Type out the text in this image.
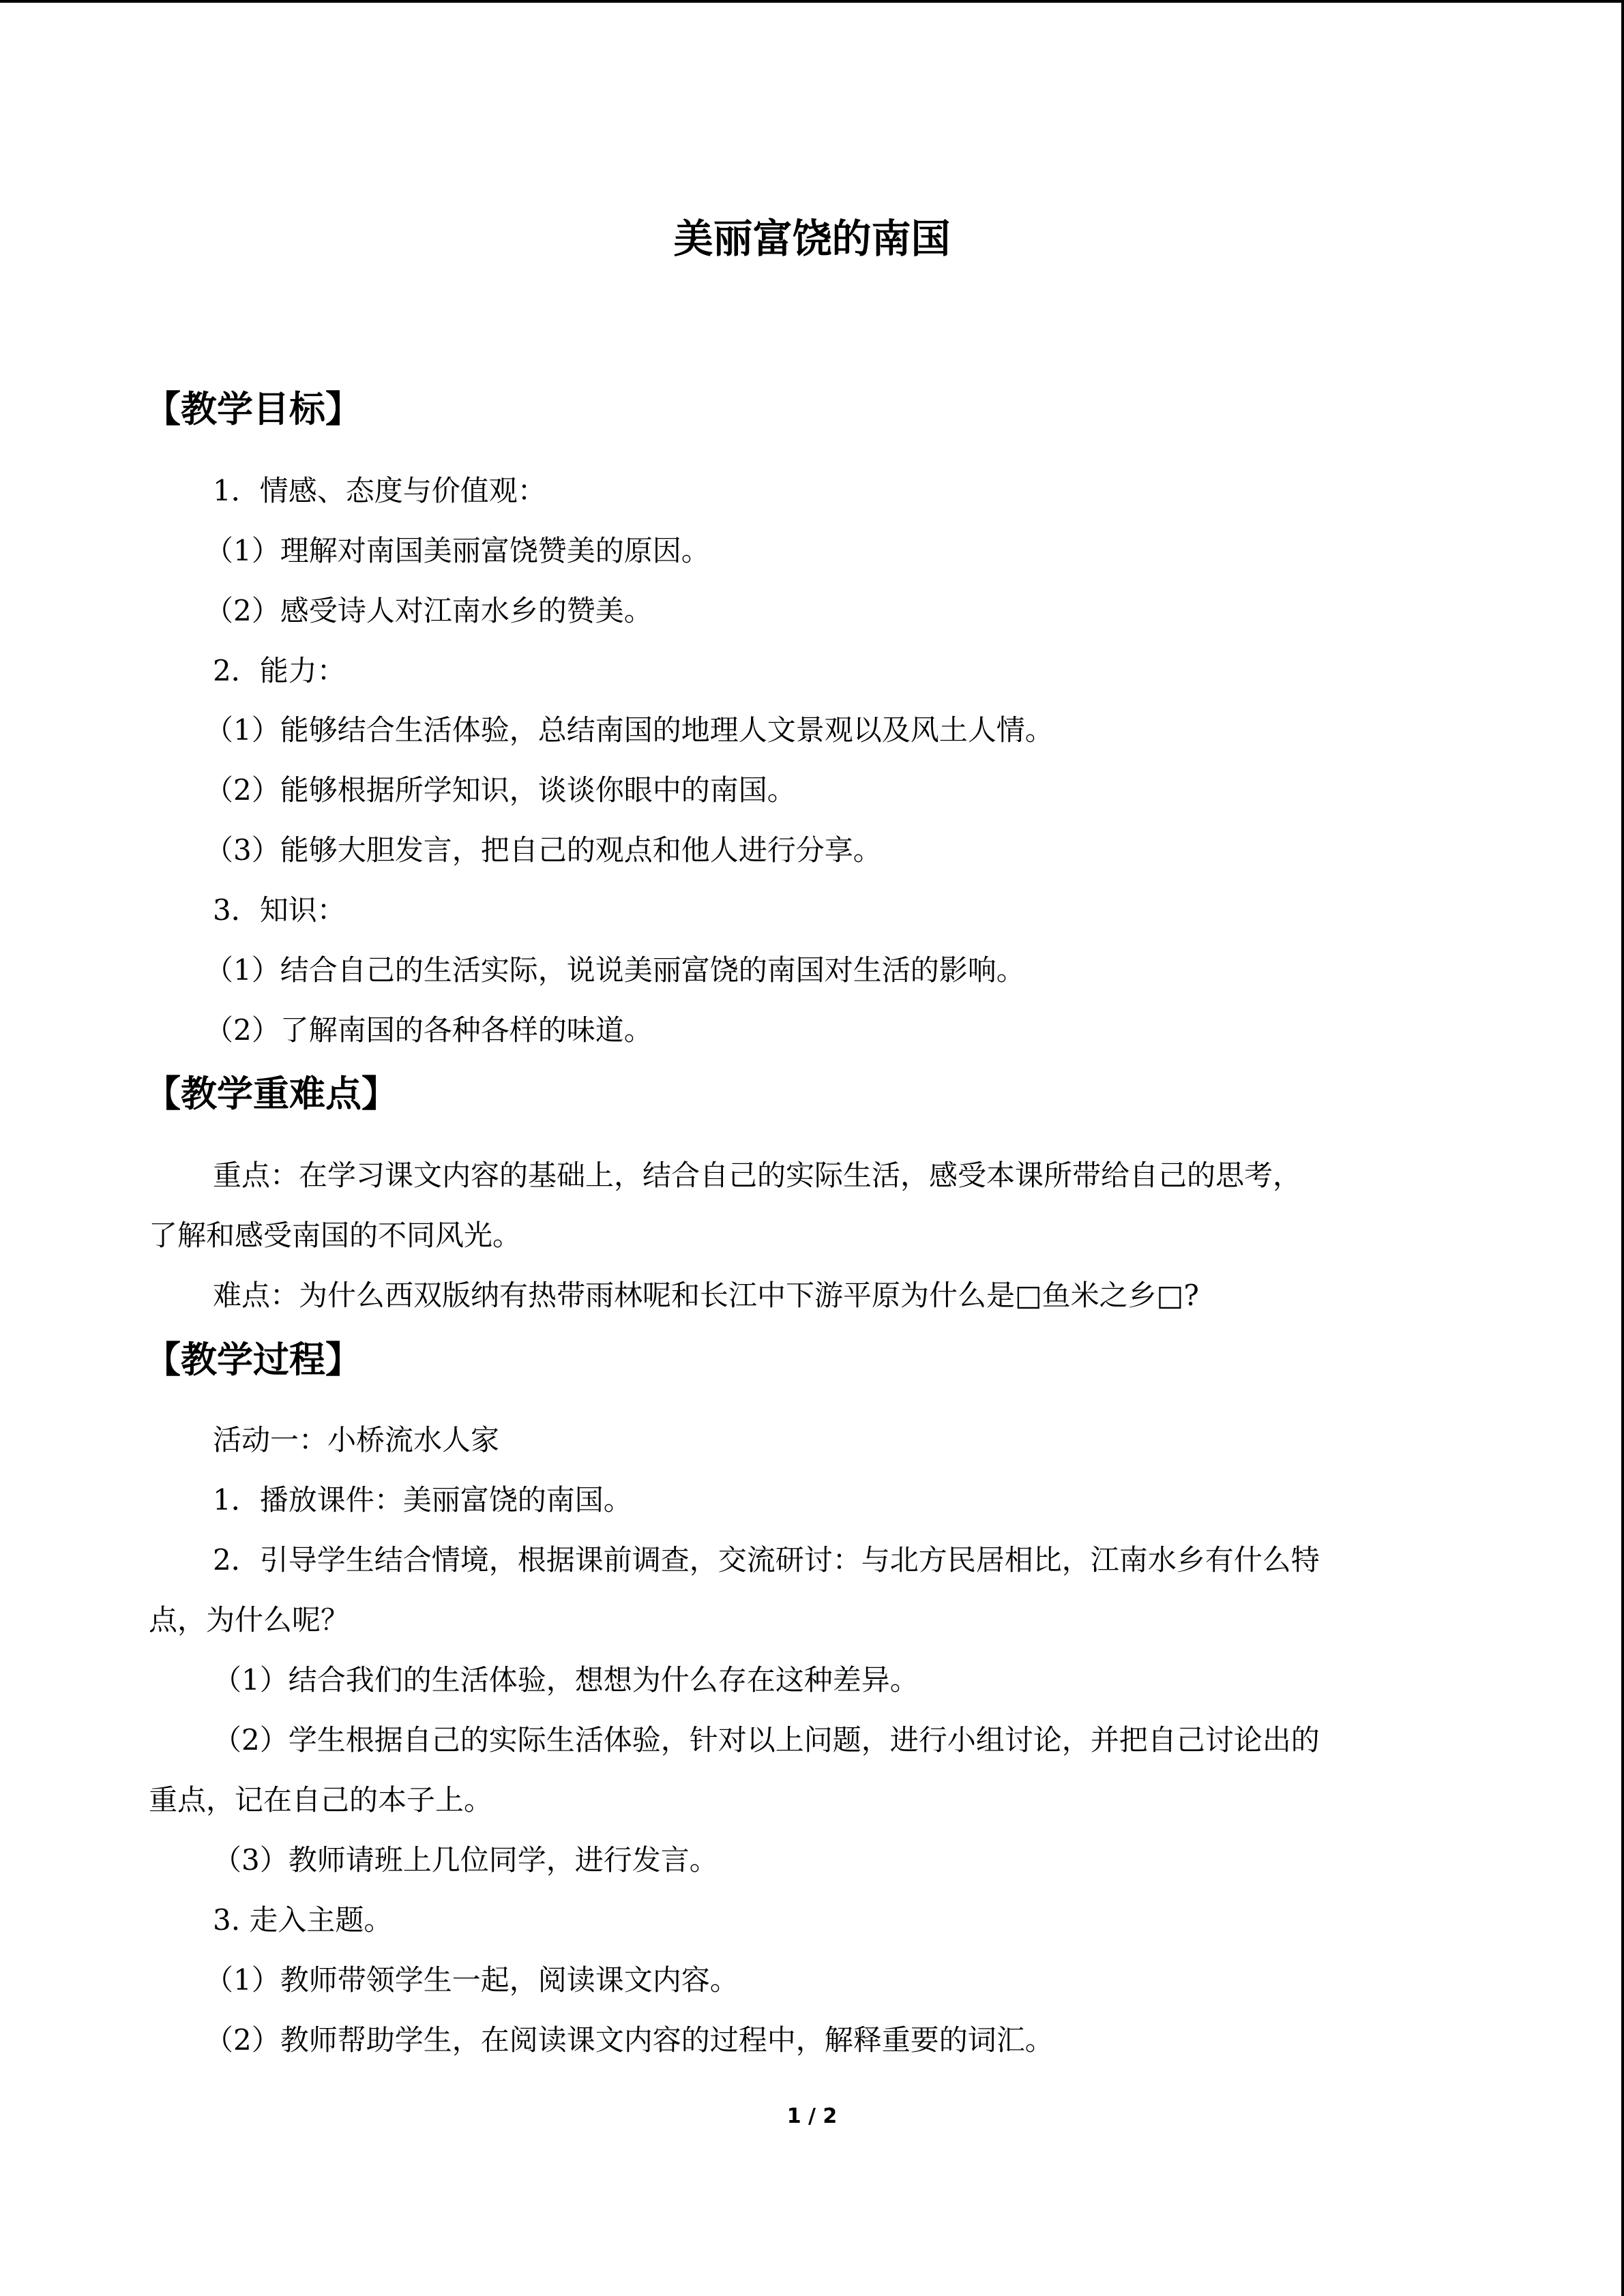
美丽富饶的南国
【教学目标】
1．情感、态度与价值观：
（1）理解对南国美丽富饶赞美的原因。
（2）感受诗人对江南水乡的赞美。
2．能力：
（1）能够结合生活体验，总结南国的地理人文景观以及风土人情。
（2）能够根据所学知识，谈谈你眼中的南国。
（3）能够大胆发言，把自己的观点和他人进行分享。
3．知识：
（1）结合自己的生活实际，说说美丽富饶的南国对生活的影响。
（2）了解南国的各种各样的味道。
【教学重难点】
重点：在学习课文内容的基础上，结合自己的实际生活，感受本课所带给自己的思考，
了解和感受南国的不同风光。
难点：为什么西双版纳有热带雨林呢和长江中下游平原为什么是□鱼米之乡□?
【教学过程】
活动一：小桥流水人家
1．播放课件：美丽富饶的南国。
2．引导学生结合情境，根据课前调查，交流研讨：与北方民居相比，江南水乡有什么特
点，为什么呢？
（1）结合我们的生活体验，想想为什么存在这种差异。
（2）学生根据自己的实际生活体验，针对以上问题，进行小组讨论，并把自己讨论出的
重点，记在自己的本子上。
（3）教师请班上几位同学，进行发言。
3. 走入主题。
（1）教师带领学生一起，阅读课文内容。
（2）教师帮助学生，在阅读课文内容的过程中，解释重要的词汇。
1 / 2
